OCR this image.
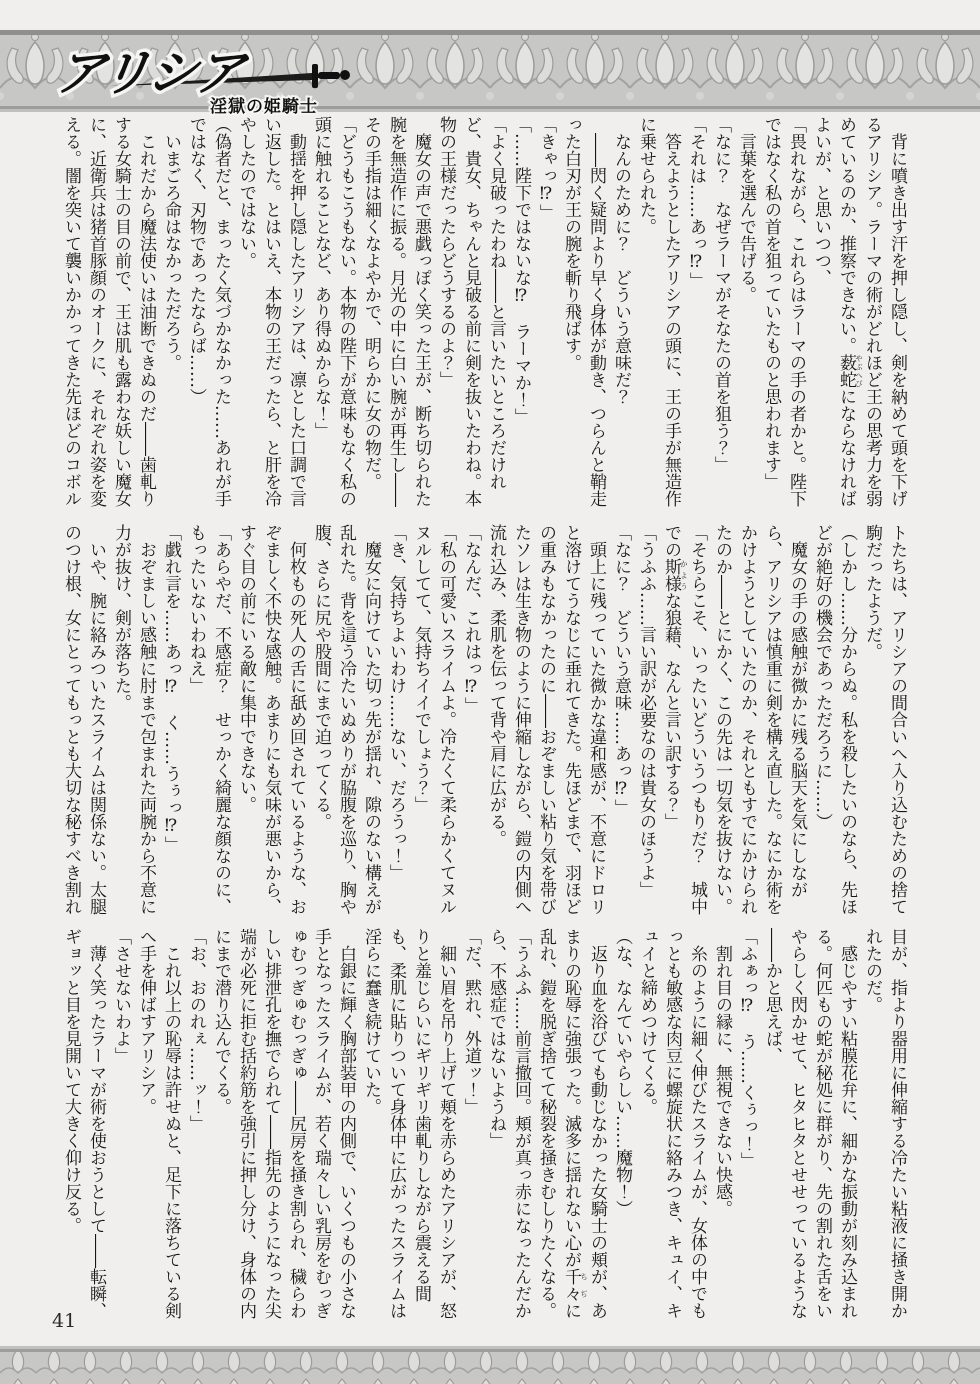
アリシア
淫獄の姫騎士

　背に噴き出す汗を押し隠し、剣を納めて頭を下げるアリシア。ラーマの術がどれほど王の思考力を弱めているのか、推察できない。薮蛇やぶへびにならなければよいが、と思いつつ、

「畏れながら、これらはラーマの手の者かと。陛下ではなく私の首を狙っていたものと思われます」

　言葉を選んで告げる。

「なに？　なぜラーマがそなたの首を狙う？」

「それは……あっ⁉」

　答えようとしたアリシアの頭に、王の手が無造作に乗せられた。

　なんのために？　どういう意味だ？

　――閃く疑問より早く身体が動き、つらんと鞘走った白刃が王の腕を斬り飛ばす。

「きゃっ⁉」

「……陛下ではないな⁉　ラーマか！」

「よく見破ったわね――と言いたいところだけれど、貴女、ちゃんと見破る前に剣を抜いたわね。本物の王様だったらどうするのよ？」

　魔女の声で悪戯っぽく笑った王が、断ち切られた腕を無造作に振る。月光の中に白い腕が再生し――その手指は細くなよやかで、明らかに女の物だ。

「どうもこうもない。本物の陛下が意味もなく私の頭に触れることなど、あり得ぬからな！」

　動揺を押し隠したアリシアは、凛とした口調で言い返した。とはいえ、本物の王だったら、と肝を冷やしたのではない。

（偽者だと、まったく気づかなかった……あれが手ではなく、刃物であったならば……）

　いまごろ命はなかっただろう。

　これだから魔法使いは油断できぬのだ――歯軋りする女騎士の目の前で、王は肌も露わな妖しい魔女に、近衛兵は猪首豚顔のオークに、それぞれ姿を変える。闇を突いて襲いかかってきた先ほどのコボル

トたちは、アリシアの間合いへ入り込むための捨て駒だったようだ。

（しかし……分からぬ。私を殺したいのなら、先ほどが絶好の機会であっただろうに……）

　魔女の手の感触が微かに残る脳天を気にしながら、アリシアは慎重に剣を構え直した。なにか術をかけようとしていたのか、それともすでにかけられたのか――とにかく、この先は一切気を抜けない。

「そちらこそ、いったいどういうつもりだ？　城中での斯様かような狼藉、なんと言い訳する？」

「うふふ……言い訳が必要なのは貴女のほうよ」

「なに？　どういう意味……あっ⁉」

　頭上に残っていた微かな違和感が、不意にドロリと溶けてうなじに垂れてきた。先ほどまで、羽ほどの重みもなかったのに――おぞましい粘り気を帯びたソレは生き物のように伸縮しながら、鎧の内側へ流れ込み、柔肌を伝って背や肩に広がる。

「なんだ、これはっ⁉」

「私の可愛いスライムよ。冷たくて柔らかくてヌルヌルしてて、気持ちイイでしょう？」

「き、気持ちよいわけ……ない、だろうっ！」

　魔女に向けていた切っ先が揺れ、隙のない構えが乱れた。背を這う冷たいぬめりが脇腹を巡り、胸や腹、さらに尻や股間にまで迫ってくる。

　何枚もの死人の舌に舐め回されているような、おぞましく不快な感触。あまりにも気味が悪いから、すぐ目の前にいる敵に集中できない。

「あらやだ、不感症？　せっかく綺麗な顔なのに、もったいないわねえ」

「戯れ言を……あっ⁉　く……うぅっ⁉」

　おぞましい感触に肘まで包まれた両腕から不意に力が抜け、剣が落ちた。

　いや、腕に絡みついたスライムは関係ない。太腿のつけ根、女にとってもっとも大切な秘すべき割れ

目が、指より器用に伸縮する冷たい粘液に掻き開かれたのだ。

　感じやすい粘膜花弁に、細かな振動が刻み込まれる。何匹もの蛇が秘処に群がり、先の割れた舌をいやらしく閃かせて、ヒタヒタとせせっているような――かと思えば、

「ふぁっ⁉　う……くぅっ！」

　割れ目の縁に、無視できない快感。

　糸のように細く伸びたスライムが、女体の中でもっとも敏感な肉豆に螺旋状に絡みつき、キュイ、キュイと締めつけてくる。

（な、なんていやらしい……魔物！）

　返り血を浴びても動じなかった女騎士の頬が、あまりの恥辱に強張った。滅多に揺れない心が千々ちぢに乱れ、鎧を脱ぎ捨てて秘裂を掻きむしりたくなる。

「うふふ……前言撤回。頬が真っ赤になったんだから、不感症ではないようね」

「だ、黙れ、外道ッ！」

　細い眉を吊り上げて頬を赤らめたアリシアが、怒りと羞じらいにギリギリ歯軋りしながら震える間も、柔肌に貼りついて身体中に広がったスライムは淫らに蠢き続けていた。

　白銀に輝く胸部装甲の内側で、いくつもの小さな手となったスライムが、若く瑞々しい乳房をむっぎゅむっぎゅむっぎゅ――尻房を掻き割られ、穢らわしい排泄孔を撫でられて――指先のようになった尖端が必死に拒む括約筋を強引に押し分け、身体の内にまで潜り込んでくる。

「お、おのれぇ……ッ！」

　これ以上の恥辱は許せぬと、足下に落ちている剣へ手を伸ばすアリシア。

「させないわよ」

　薄く笑ったラーマが術を使おうとして――転瞬、ギョッと目を見開いて大きく仰け反る。

41
